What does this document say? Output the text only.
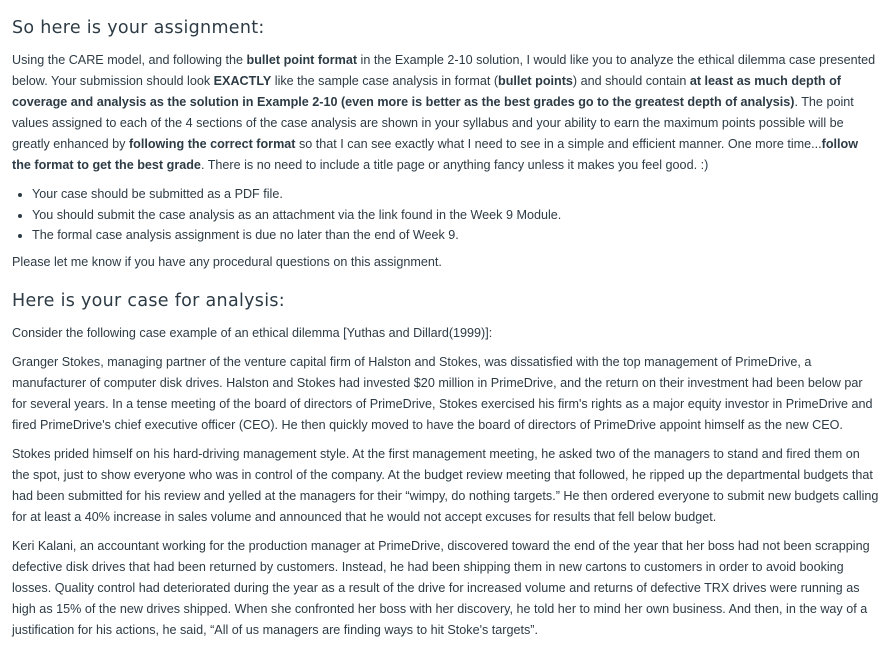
So here is your assignment:

Using the CARE model, and following the bullet point format in the Example 2-10 solution, I would like you to analyze the ethical dilemma case presented below. Your submission should look EXACTLY like the sample case analysis in format (bullet points) and should contain at least as much depth of coverage and analysis as the solution in Example 2-10 (even more is better as the best grades go to the greatest depth of analysis). The point values assigned to each of the 4 sections of the case analysis are shown in your syllabus and your ability to earn the maximum points possible will be greatly enhanced by following the correct format so that I can see exactly what I need to see in a simple and efficient manner. One more time...follow the format to get the best grade. There is no need to include a title page or anything fancy unless it makes you feel good. :)

• Your case should be submitted as a PDF file.
• You should submit the case analysis as an attachment via the link found in the Week 9 Module.
• The formal case analysis assignment is due no later than the end of Week 9.

Please let me know if you have any procedural questions on this assignment.

Here is your case for analysis:

Consider the following case example of an ethical dilemma [Yuthas and Dillard(1999)]:

Granger Stokes, managing partner of the venture capital firm of Halston and Stokes, was dissatisfied with the top management of PrimeDrive, a manufacturer of computer disk drives. Halston and Stokes had invested $20 million in PrimeDrive, and the return on their investment had been below par for several years. In a tense meeting of the board of directors of PrimeDrive, Stokes exercised his firm's rights as a major equity investor in PrimeDrive and fired PrimeDrive's chief executive officer (CEO). He then quickly moved to have the board of directors of PrimeDrive appoint himself as the new CEO.

Stokes prided himself on his hard-driving management style. At the first management meeting, he asked two of the managers to stand and fired them on the spot, just to show everyone who was in control of the company. At the budget review meeting that followed, he ripped up the departmental budgets that had been submitted for his review and yelled at the managers for their “wimpy, do nothing targets.” He then ordered everyone to submit new budgets calling for at least a 40% increase in sales volume and announced that he would not accept excuses for results that fell below budget.

Keri Kalani, an accountant working for the production manager at PrimeDrive, discovered toward the end of the year that her boss had not been scrapping defective disk drives that had been returned by customers. Instead, he had been shipping them in new cartons to customers in order to avoid booking losses. Quality control had deteriorated during the year as a result of the drive for increased volume and returns of defective TRX drives were running as high as 15% of the new drives shipped. When she confronted her boss with her discovery, he told her to mind her own business. And then, in the way of a justification for his actions, he said, “All of us managers are finding ways to hit Stoke's targets”.
